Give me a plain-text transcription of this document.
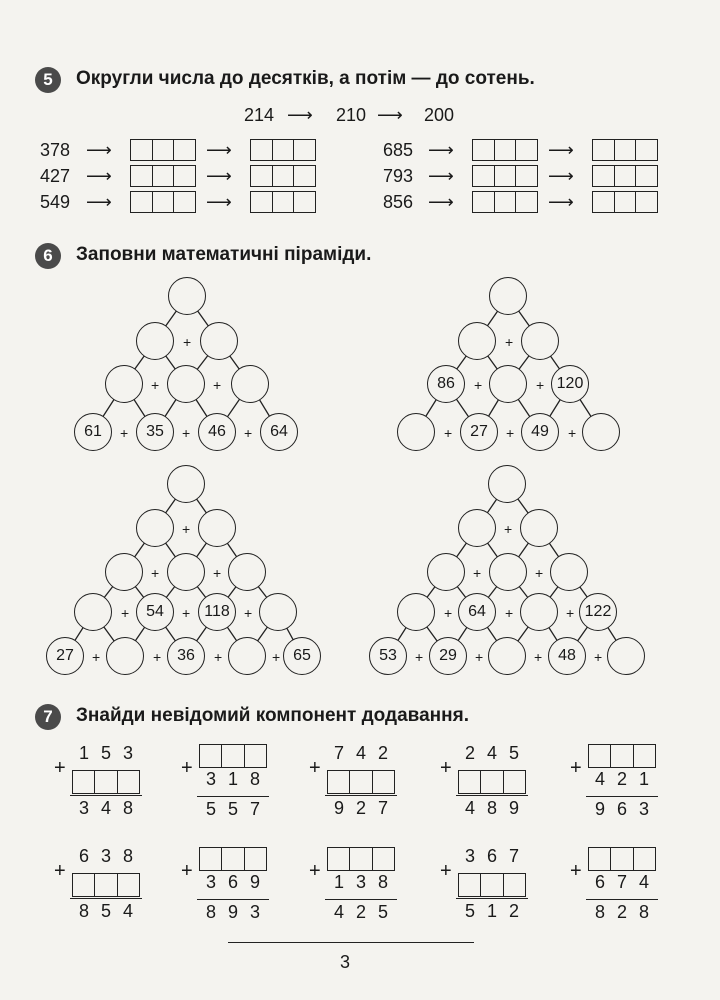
5	Округли числа до десятків, а потім — до сотень.
214 ⟶ 210 ⟶ 200
378 ⟶	⟶
427 ⟶	⟶
549 ⟶	⟶
685 ⟶	⟶
793 ⟶	⟶
856 ⟶	⟶
6	Заповни математичні піраміди.
+
+	+
61	+	35	+	46	+	64
+
86	+	+ 120
+	27	+	49	+
+
+	+
+	54	+ 118	+
27	+	+ 36	+	+ 65
+
+	+
+ 64	+	+ 122
53	+ 29	+	+ 48	+
7	Знайди невідомий компонент додавання.
+
1 5 3
3 4 8
+ 3 1 8
5 5 7
+
7 4 2
9 2 7
+
2 4 5
4 8 9
+ 4 2 1
9 6 3
+
6 3 8
8 5 4
+ 3 6 9
8 9 3
+ 1 3 8
4 2 5
+
3 6 7
5 1 2
+ 6 7 4
8 2 8
3
